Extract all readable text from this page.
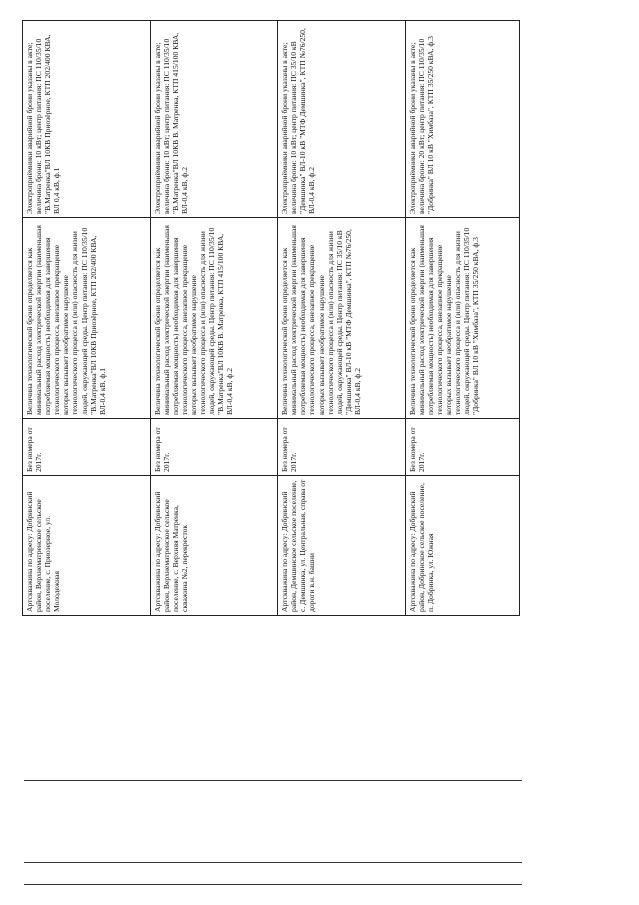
Артскважина по адресу: Добринский район, Верхнематренское сельское поселение, с. Приозерное, ул. Молодежная	Без номера от 2017г.	Величина технологической брони определяется как минимальный расход электрической энергии (наименьшая потребляемая мощность) необходимая для завершения технологического процесса, внезапное прекращение которых вызывает необратимое нарушение технологического процесса и (или) опасность для жизни людей, окружающей среды. Центр питания: ПС 110/35/10 "В.Матренка"ВЛ 10КВ Приозёрное, КТП 202/400 КВА, ВЛ-0,4 кВ, ф.1	Электроприёмники аварийной брони указаны в акте; величина брони: 10 кВт; центр питания: ПС 110/35/10 "В.Матренка"ВЛ 10КВ Приозёрное, КТП 202/400 КВА, ВЛ 0,4 кВ, ф.1
Артскважина по адресу: Добринский район, Верхнематренское сельское поселение, с. Верхняя Матренка, скважина №2, перекресток	Без номера от 2017г.	Величина технологической брони определяется как минимальный расход электрической энергии (наименьшая потребляемая мощность) необходимая для завершения технологического процесса, внезапное прекращение которых вызывает необратимое нарушение технологического процесса и (или) опасность для жизни людей, окружающей среды. Центр питания: ПС 110/35/10 "В.Матренка"ВЛ 10КВ В. Матренка, КТП 415/100 КВА, ВЛ-0,4 кВ, ф.2	Электроприёмники аварийной брони указаны в акте; величина брони: 10 кВт; центр питания: ПС 110/35/10 "В.Матренка"ВЛ 10КВ В. Матренка, КТП 415/100 КВА, ВЛ-0,4 кВ, ф.2
Артскважина по адресу: Добринский район, Демшинское сельское поселение, с. Демшинка, ул. Центральная, справа от дороги в.н. башни	Без номера от 2017г.	Величина технологической брони определяется как минимальный расход электрической энергии (наименьшая потребляемая мощность) необходимая для завершения технологического процесса, внезапное прекращение которых вызывает необратимое нарушение технологического процесса и (или) опасность для жизни людей, окружающей среды. Центр питания: ПС 35/10 кВ "Демшинка" ВЛ-10 кВ "МТФ Демшинка", КТП №76/250, ВЛ-0,4 кВ, ф.2	Электроприёмники аварийной брони указаны в акте; величина брони: 10 кВт; центр питания: ПС 35/10 кВ "Демшинка" ВЛ-10 кВ "МТФ Демшинка", КТП №76/250, ВЛ-0,4 кВ, ф.2
Артскважина по адресу: Добринский район, Добринское сельское поселение, п. Добринка, ул. Южная	Без номера от 2017г.	Величина технологической брони определяется как минимальный расход электрической энергии (наименьшая потребляемая мощность) необходимая для завершения технологического процесса, внезапное прекращение которых вызывает необратимое нарушение технологического процесса и (или) опасность для жизни людей, окружающей среды. Центр питания: ПС 110/35/10 "Добринка" ВЛ 10 кВ "Химбаза", КТП 35/250 кВА, ф.3	Электроприёмники аварийной брони указаны в акте; величина брони: 20 кВт; центр питания: ПС 110/35/10 "Добринка" ВЛ 10 кВ "Химбаза", КТП 35/250 кВА, ф.3
